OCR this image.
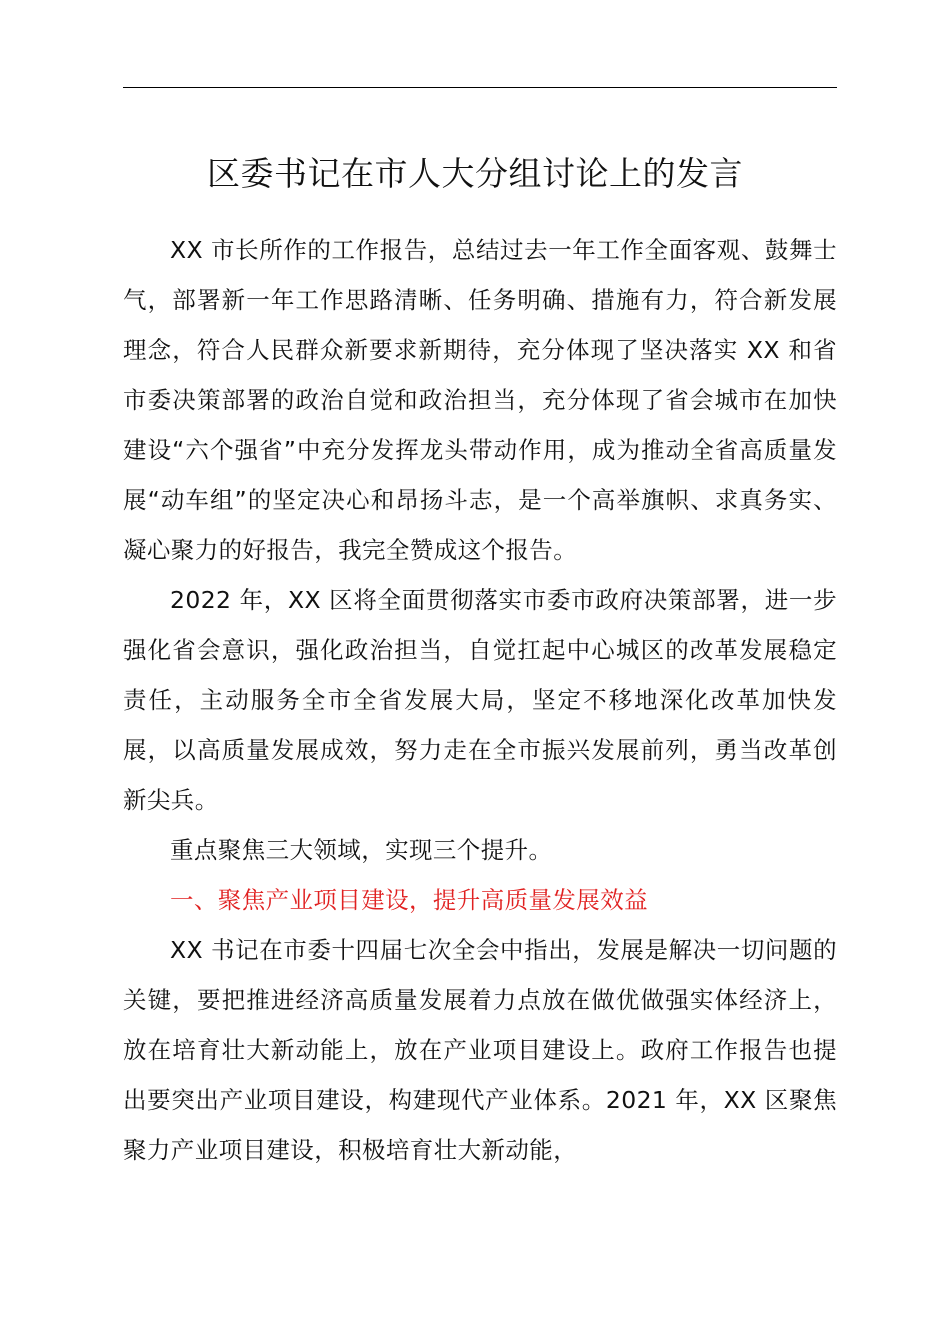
区委书记在市人大分组讨论上的发言

XX 市长所作的工作报告，总结过去一年工作全面客观、鼓舞士气，部署新一年工作思路清晰、任务明确、措施有力，符合新发展理念，符合人民群众新要求新期待，充分体现了坚决落实 XX 和省市委决策部署的政治自觉和政治担当，充分体现了省会城市在加快建设“六个强省”中充分发挥龙头带动作用，成为推动全省高质量发展“动车组”的坚定决心和昂扬斗志，是一个高举旗帜、求真务实、凝心聚力的好报告，我完全赞成这个报告。

2022 年，XX 区将全面贯彻落实市委市政府决策部署，进一步强化省会意识，强化政治担当，自觉扛起中心城区的改革发展稳定责任，主动服务全市全省发展大局，坚定不移地深化改革加快发展，以高质量发展成效，努力走在全市振兴发展前列，勇当改革创新尖兵。

重点聚焦三大领域，实现三个提升。

一、聚焦产业项目建设，提升高质量发展效益

XX 书记在市委十四届七次全会中指出，发展是解决一切问题的关键，要把推进经济高质量发展着力点放在做优做强实体经济上，放在培育壮大新动能上，放在产业项目建设上。政府工作报告也提出要突出产业项目建设，构建现代产业体系。2021 年，XX 区聚焦聚力产业项目建设，积极培育壮大新动能，
